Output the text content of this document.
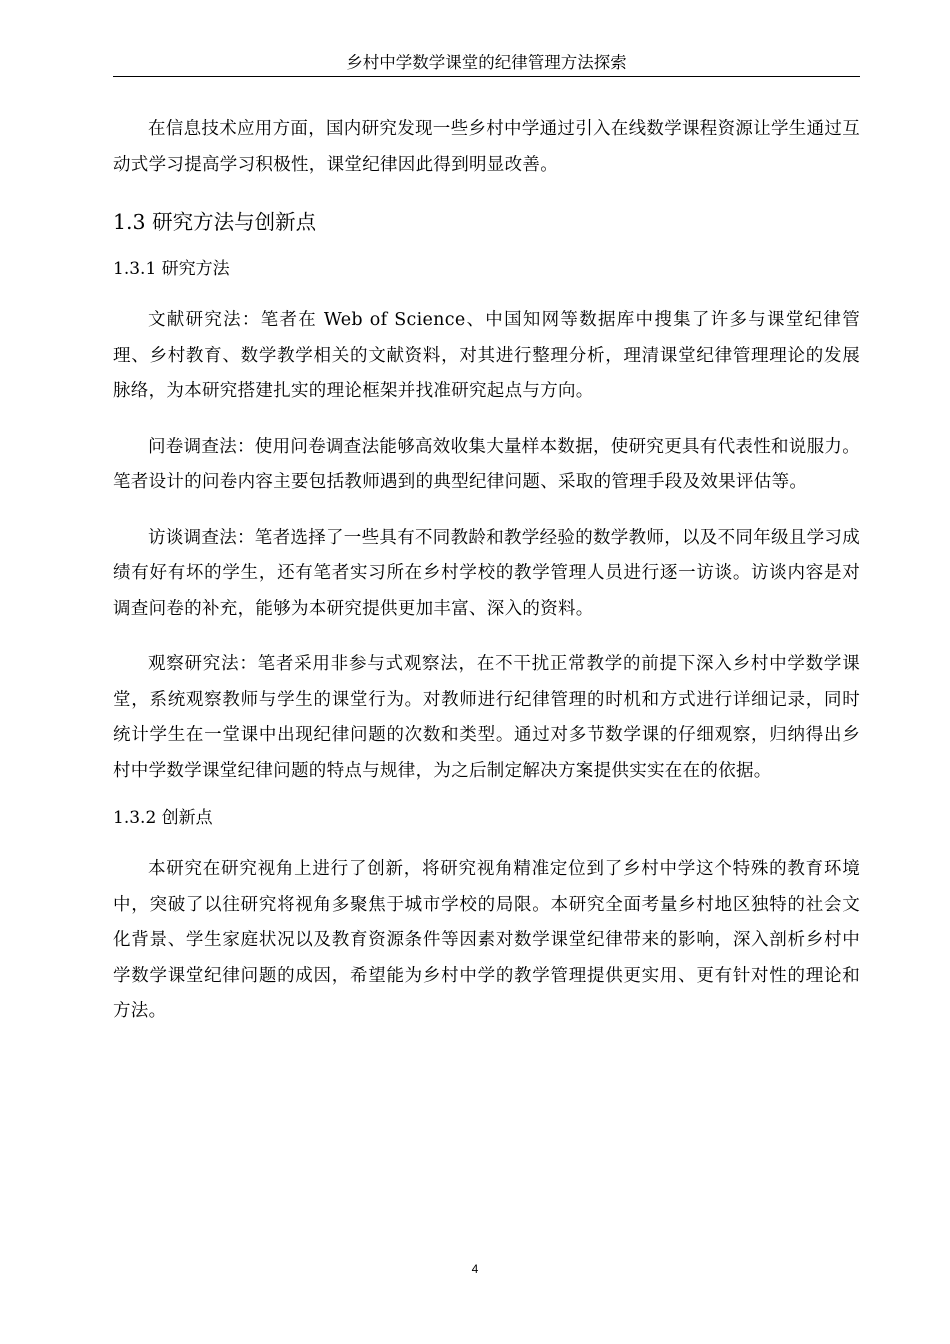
乡村中学数学课堂的纪律管理方法探索

在信息技术应用方面，国内研究发现一些乡村中学通过引入在线数学课程资源让学生通过互动式学习提高学习积极性，课堂纪律因此得到明显改善。

1.3 研究方法与创新点
1.3.1 研究方法

文献研究法：笔者在 Web of Science、中国知网等数据库中搜集了许多与课堂纪律管理、乡村教育、数学教学相关的文献资料，对其进行整理分析，理清课堂纪律管理理论的发展脉络，为本研究搭建扎实的理论框架并找准研究起点与方向。

问卷调查法：使用问卷调查法能够高效收集大量样本数据，使研究更具有代表性和说服力。笔者设计的问卷内容主要包括教师遇到的典型纪律问题、采取的管理手段及效果评估等。

访谈调查法：笔者选择了一些具有不同教龄和教学经验的数学教师，以及不同年级且学习成绩有好有坏的学生，还有笔者实习所在乡村学校的教学管理人员进行逐一访谈。访谈内容是对调查问卷的补充，能够为本研究提供更加丰富、深入的资料。

观察研究法：笔者采用非参与式观察法，在不干扰正常教学的前提下深入乡村中学数学课堂，系统观察教师与学生的课堂行为。对教师进行纪律管理的时机和方式进行详细记录，同时统计学生在一堂课中出现纪律问题的次数和类型。通过对多节数学课的仔细观察，归纳得出乡村中学数学课堂纪律问题的特点与规律，为之后制定解决方案提供实实在在的依据。

1.3.2 创新点

本研究在研究视角上进行了创新，将研究视角精准定位到了乡村中学这个特殊的教育环境中，突破了以往研究将视角多聚焦于城市学校的局限。本研究全面考量乡村地区独特的社会文化背景、学生家庭状况以及教育资源条件等因素对数学课堂纪律带来的影响，深入剖析乡村中学数学课堂纪律问题的成因，希望能为乡村中学的教学管理提供更实用、更有针对性的理论和方法。

4
